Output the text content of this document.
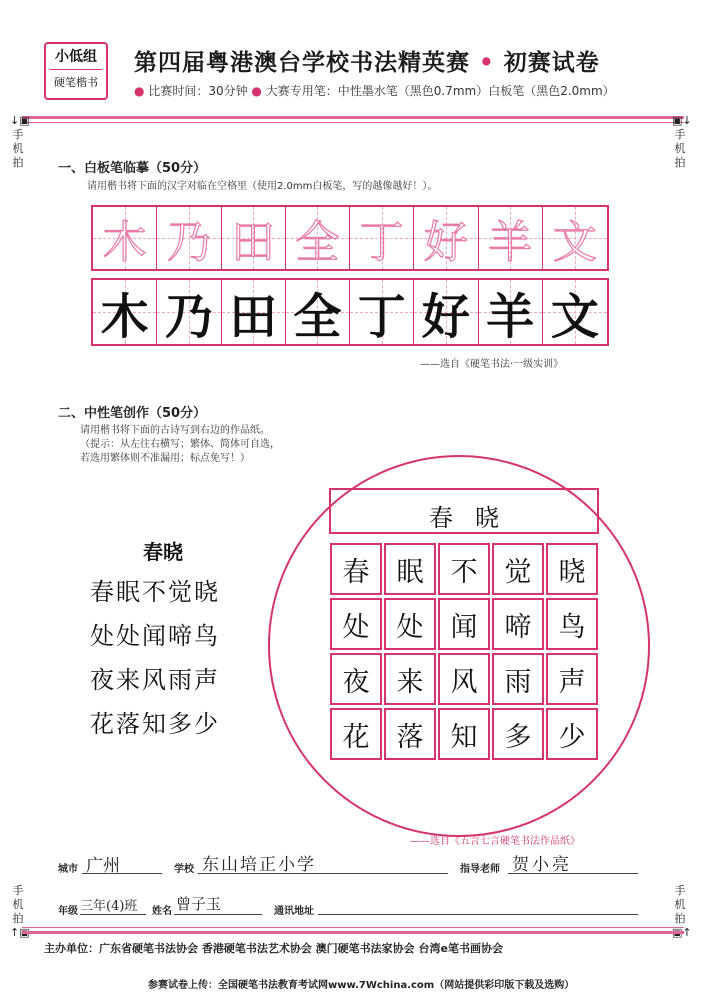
小低组
硬笔楷书
第四届粤港澳台学校书法精英赛 • 初赛试卷
● 比赛时间：30分钟 ● 大赛专用笔：中性墨水笔（黑色0.7mm）白板笔（黑色2.0mm）
↓▣
手机拍
▣↓
手机拍
手机拍
↑▣
手机拍
▣↑
一、白板笔临摹（50分）
请用楷书将下面的汉字对临在空格里（使用2.0mm白板笔，写的越像越好！）。
木 乃 田 全 丁 好 羊 文
木 乃 田 全 丁 好 羊 文
——选自《硬笔书法·一级实训》
二、中性笔创作（50分）
请用楷书将下面的古诗写到右边的作品纸。
（提示：从左往右横写；繁体、简体可自选，
若选用繁体则不准漏用；标点免写！）
春晓
春眠不觉晓
处处闻啼鸟
夜来风雨声
花落知多少
春晓
春	眠	不	觉	晓
处	处	闻	啼	鸟
夜	来	风	雨	声
花	落	知	多	少
——选自《五言七言硬笔书法作品纸》
城市 广州	学校 东山培正小学	指导老师 贺小亮
年级 三年(4)班 姓名 曾子玉	通讯地址
主办单位：广东省硬笔书法协会 香港硬笔书法艺术协会 澳门硬笔书法家协会 台湾e笔书画协会
参赛试卷上传：全国硬笔书法教育考试网www.7Wchina.com（网站提供彩印版下载及选购）
